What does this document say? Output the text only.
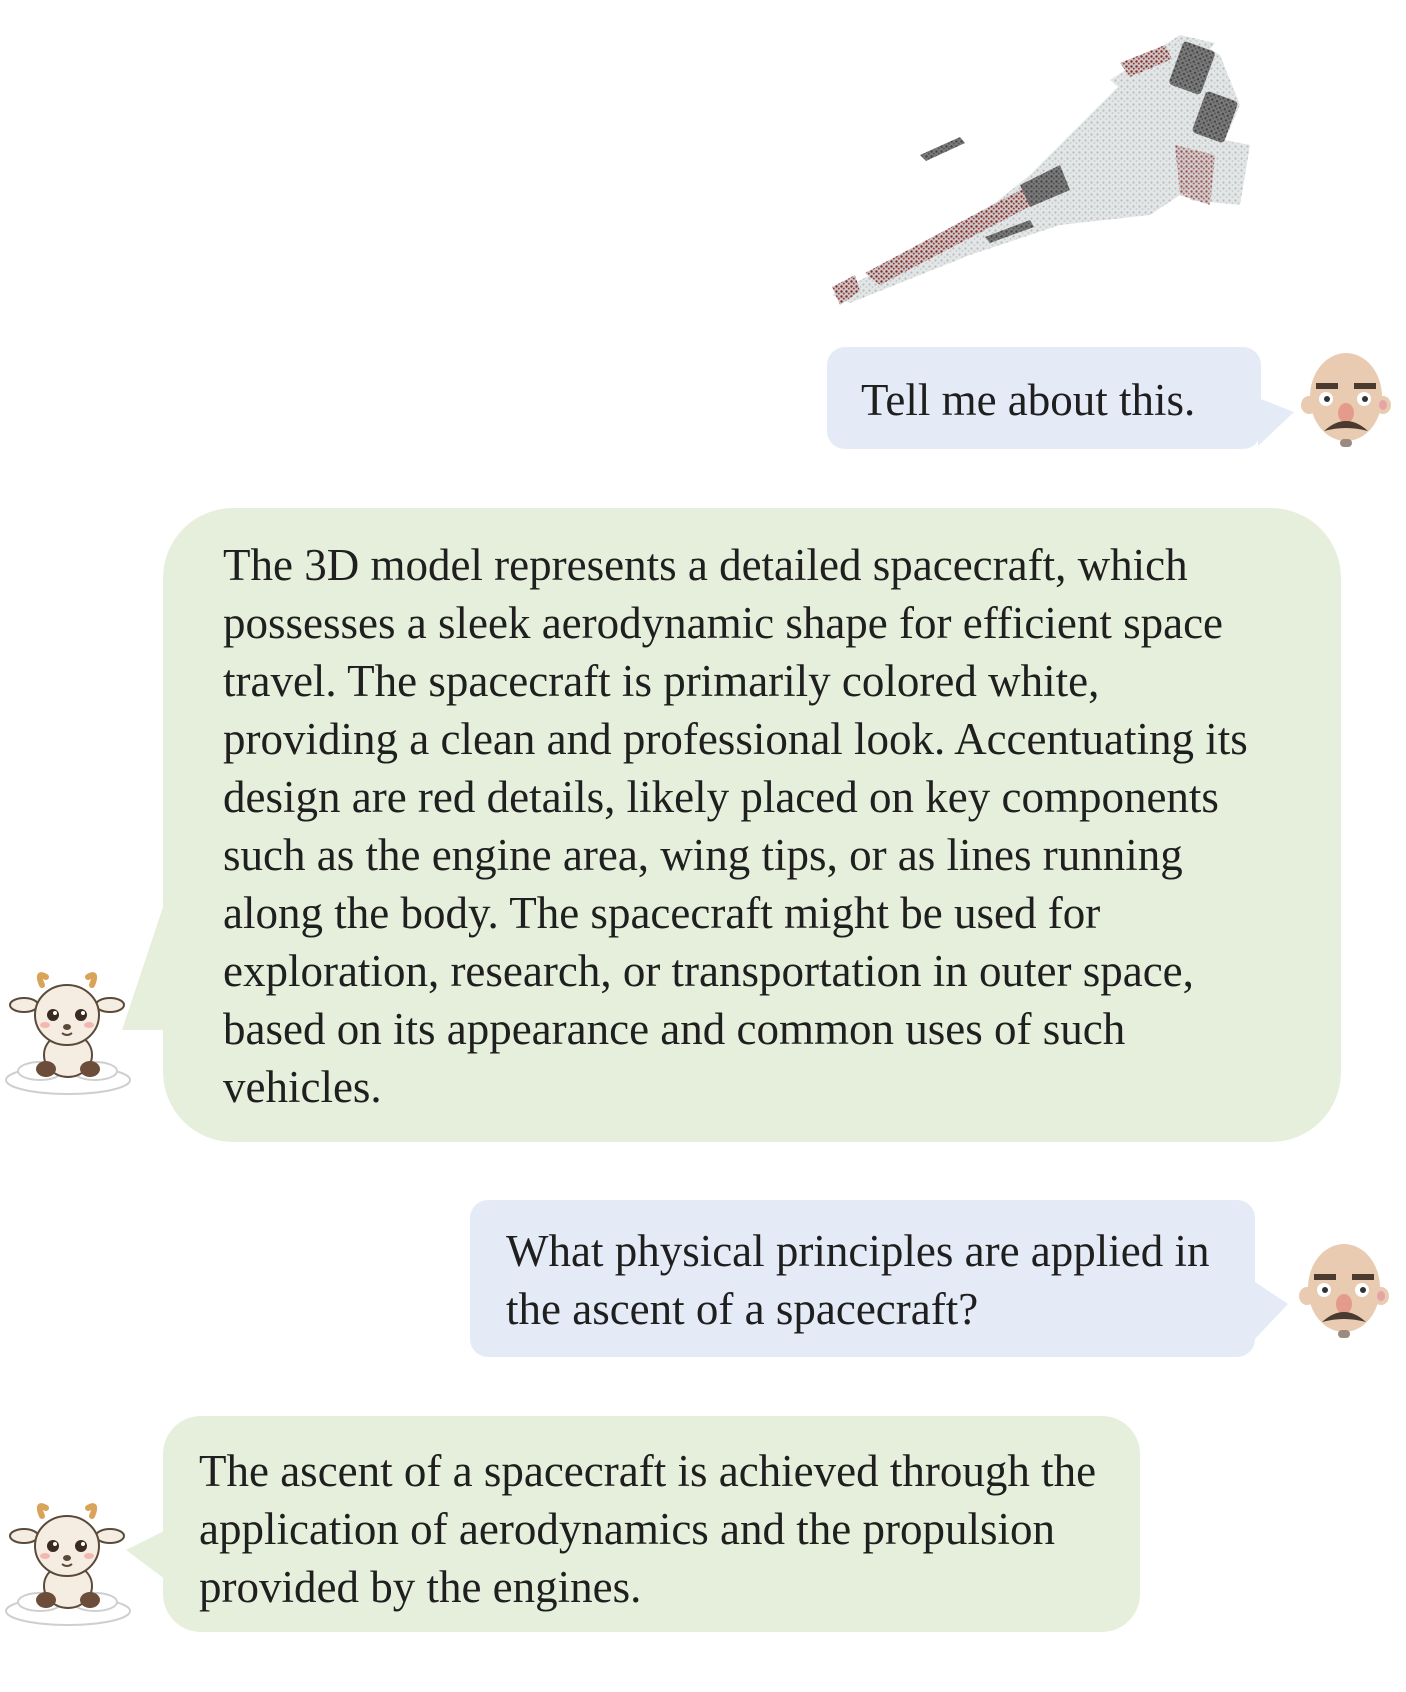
Tell me about this.
The 3D model represents a detailed spacecraft, which possesses a sleek aerodynamic shape for efficient space travel. The spacecraft is primarily colored white, providing a clean and professional look. Accentuating its design are red details, likely placed on key components such as the engine area, wing tips, or as lines running along the body. The spacecraft might be used for exploration, research, or transportation in outer space, based on its appearance and common uses of such vehicles.
What physical principles are applied in the ascent of a spacecraft?
The ascent of a spacecraft is achieved through the application of aerodynamics and the propulsion provided by the engines.
